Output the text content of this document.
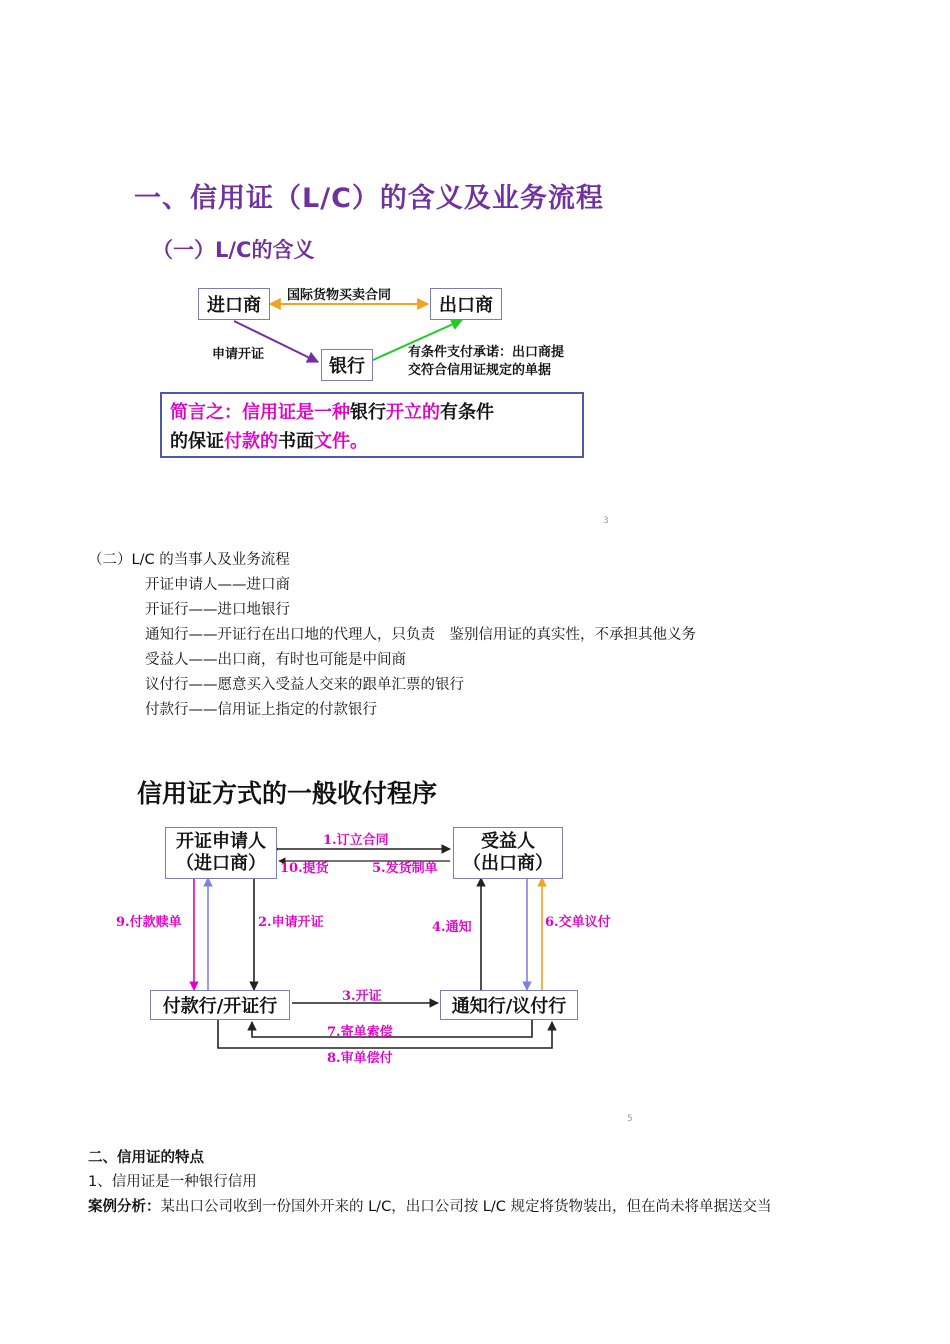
一、信用证（L/C）的含义及业务流程
（一）L/C的含义
进口商	出口商
银行
国际货物买卖合同
申请开证	有条件支付承诺：出口商提
交符合信用证规定的单据
简言之：信用证是一种银行开立的有条件
的保证付款的书面文件。
3
（二）L/C 的当事人及业务流程
开证申请人——进口商
开证行——进口地银行
通知行——开证行在出口地的代理人，只负责　鉴别信用证的真实性，不承担其他义务
受益人——出口商，有时也可能是中间商
议付行——愿意买入受益人交来的跟单汇票的银行
付款行——信用证上指定的付款银行
信用证方式的一般收付程序
开证申请人
（进口商）
受益人
（出口商）
付款行/开证行	通知行/议付行
1.订立合同
10.提货	5.发货制单
9.付款赎单	2.申请开证	4.通知	6.交单议付
3.开证
7.寄单索偿
8.审单偿付
5
二、信用证的特点
1、信用证是一种银行信用
案例分析：某出口公司收到一份国外开来的 L/C，出口公司按 L/C 规定将货物装出，但在尚未将单据送交当
